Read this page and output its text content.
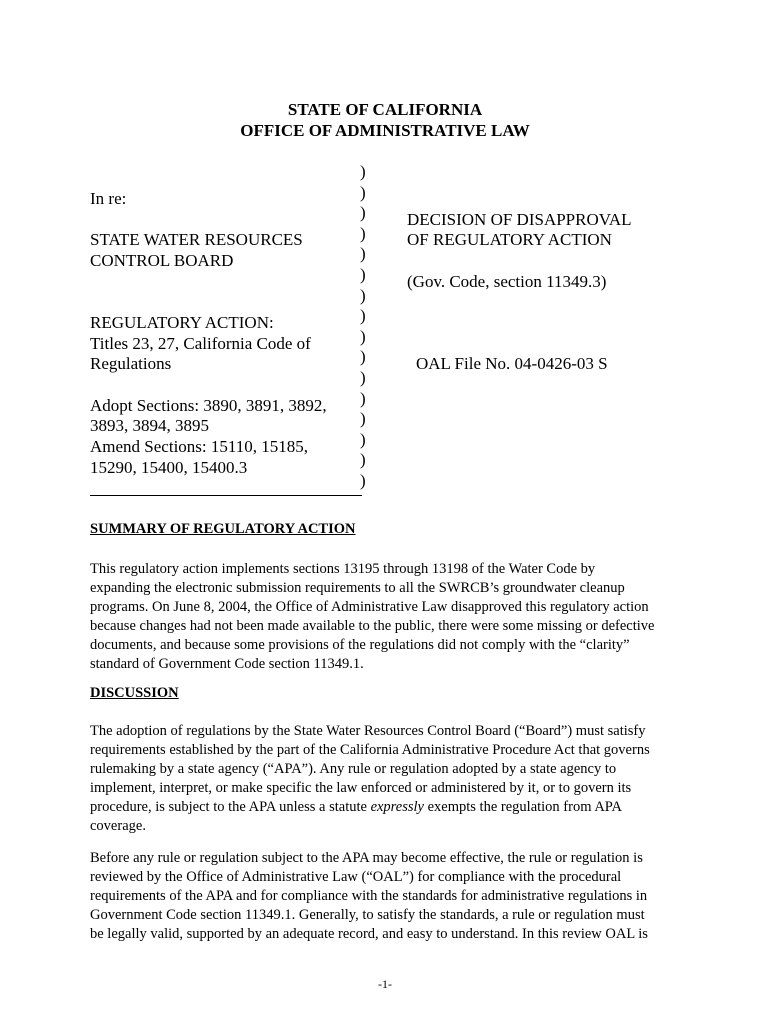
STATE OF CALIFORNIA
OFFICE OF ADMINISTRATIVE LAW
In re:
STATE WATER RESOURCES
CONTROL BOARD
REGULATORY ACTION:
Titles 23, 27, California Code of
Regulations
Adopt Sections: 3890, 3891, 3892,
3893, 3894, 3895
Amend Sections: 15110, 15185,
15290, 15400, 15400.3
)
)
)
)
)
)
)
)
)
)
)
)
)
)
)
)
DECISION OF DISAPPROVAL
OF REGULATORY ACTION
(Gov. Code, section 11349.3)
OAL File No. 04-0426-03 S
SUMMARY OF REGULATORY ACTION
This regulatory action implements sections 13195 through 13198 of the Water Code by
expanding the electronic submission requirements to all the SWRCB’s groundwater cleanup
programs. On June 8, 2004, the Office of Administrative Law disapproved this regulatory action
because changes had not been made available to the public, there were some missing or defective
documents, and because some provisions of the regulations did not comply with the “clarity”
standard of Government Code section 11349.1.
DISCUSSION
The adoption of regulations by the State Water Resources Control Board (“Board”) must satisfy
requirements established by the part of the California Administrative Procedure Act that governs
rulemaking by a state agency (“APA”). Any rule or regulation adopted by a state agency to
implement, interpret, or make specific the law enforced or administered by it, or to govern its
procedure, is subject to the APA unless a statute expressly exempts the regulation from APA
coverage.
Before any rule or regulation subject to the APA may become effective, the rule or regulation is
reviewed by the Office of Administrative Law (“OAL”) for compliance with the procedural
requirements of the APA and for compliance with the standards for administrative regulations in
Government Code section 11349.1. Generally, to satisfy the standards, a rule or regulation must
be legally valid, supported by an adequate record, and easy to understand. In this review OAL is
-1-
